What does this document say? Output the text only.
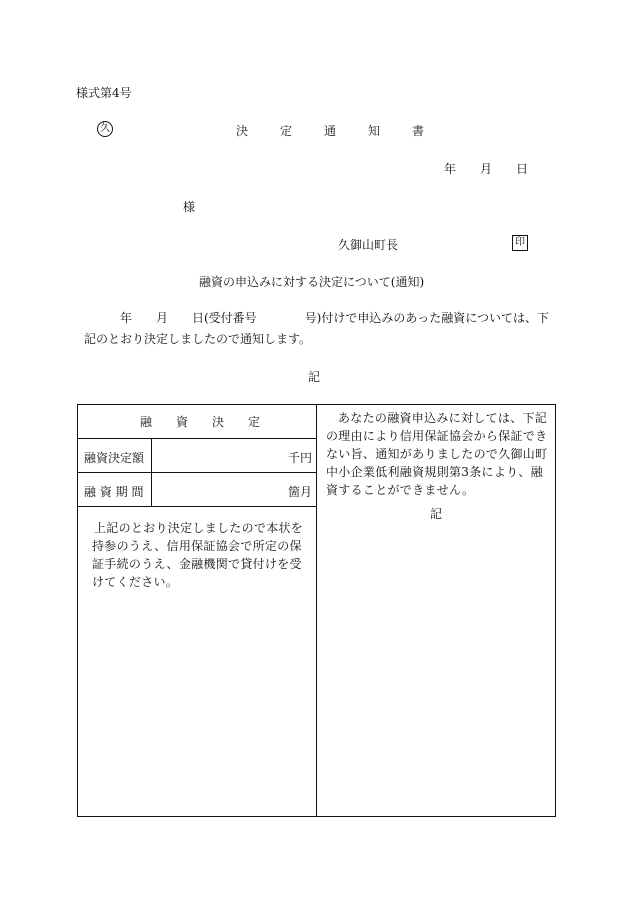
様式第4号
久	決　定　通　知　書
年　　月　　日
様
久御山町長	印
融資の申込みに対する決定について(通知)
年　　月　　日(受付番号　　　　号)付けで申込みのあった融資については、下記のとおり決定しましたので通知します。
記
融　資　決　定
融資決定額	千円
融 資 期 間	箇月
上記のとおり決定しましたので本状を持参のうえ、信用保証協会で所定の保証手続のうえ、金融機関で貸付けを受けてください。
あなたの融資申込みに対しては、下記の理由により信用保証協会から保証できない旨、通知がありましたので久御山町中小企業低利融資規則第3条により、融資することができません。
記
